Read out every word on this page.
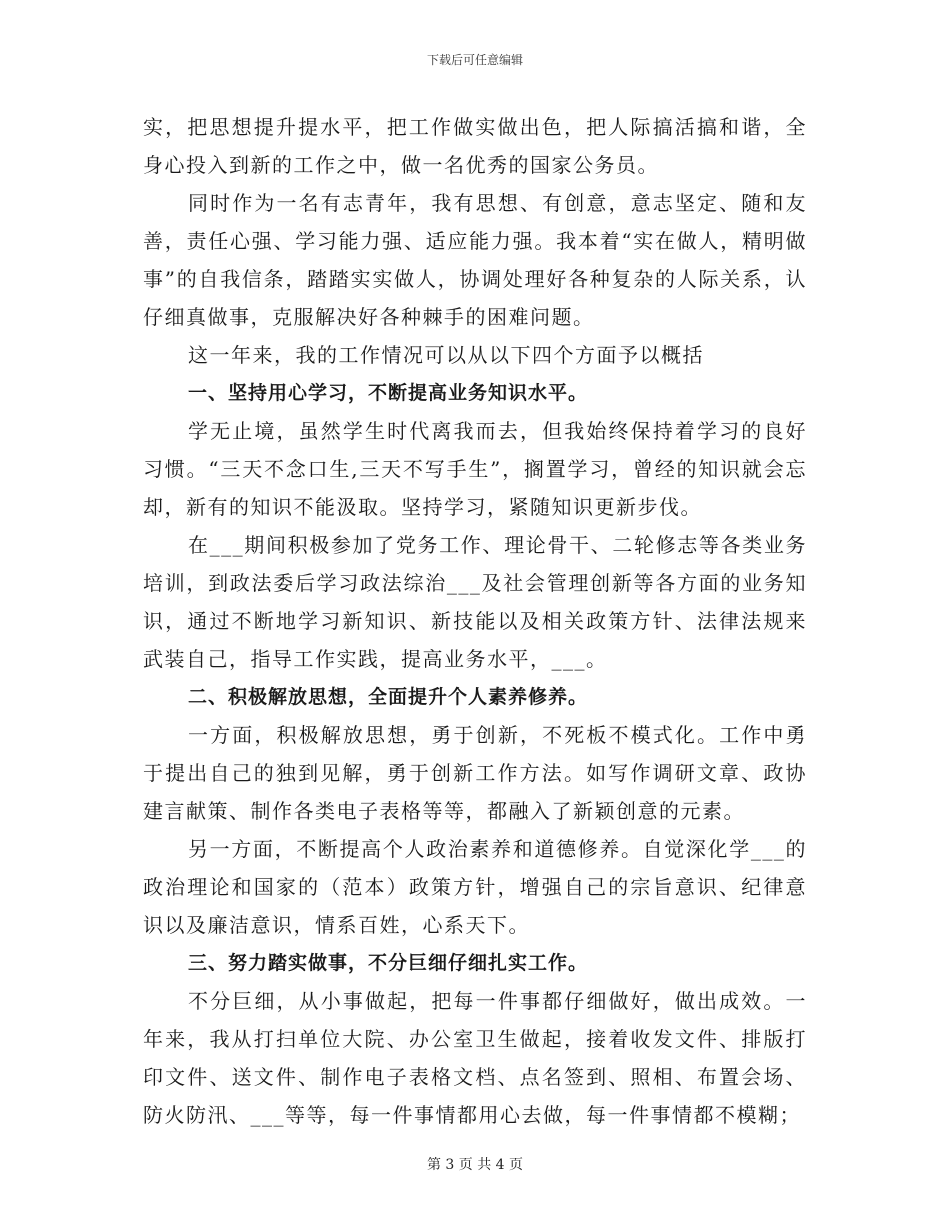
下载后可任意编辑

实，把思想提升提水平，把工作做实做出色，把人际搞活搞和谐，全身心投入到新的工作之中，做一名优秀的国家公务员。

同时作为一名有志青年，我有思想、有创意，意志坚定、随和友善，责任心强、学习能力强、适应能力强。我本着“实在做人，精明做事”的自我信条，踏踏实实做人，协调处理好各种复杂的人际关系，认仔细真做事，克服解决好各种棘手的困难问题。

这一年来，我的工作情况可以从以下四个方面予以概括

一、坚持用心学习，不断提高业务知识水平。

学无止境，虽然学生时代离我而去，但我始终保持着学习的良好习惯。“三天不念口生,三天不写手生”，搁置学习，曾经的知识就会忘却，新有的知识不能汲取。坚持学习，紧随知识更新步伐。

在___期间积极参加了党务工作、理论骨干、二轮修志等各类业务培训，到政法委后学习政法综治___及社会管理创新等各方面的业务知识，通过不断地学习新知识、新技能以及相关政策方针、法律法规来武装自己，指导工作实践，提高业务水平，___。

二、积极解放思想，全面提升个人素养修养。

一方面，积极解放思想，勇于创新，不死板不模式化。工作中勇于提出自己的独到见解，勇于创新工作方法。如写作调研文章、政协建言献策、制作各类电子表格等等，都融入了新颖创意的元素。

另一方面，不断提高个人政治素养和道德修养。自觉深化学___的政治理论和国家的（范本）政策方针，增强自己的宗旨意识、纪律意识以及廉洁意识，情系百姓，心系天下。

三、努力踏实做事，不分巨细仔细扎实工作。

不分巨细，从小事做起，把每一件事都仔细做好，做出成效。一年来，我从打扫单位大院、办公室卫生做起，接着收发文件、排版打印文件、送文件、制作电子表格文档、点名签到、照相、布置会场、防火防汛、___等等，每一件事情都用心去做，每一件事情都不模糊；

第 3 页 共 4 页
